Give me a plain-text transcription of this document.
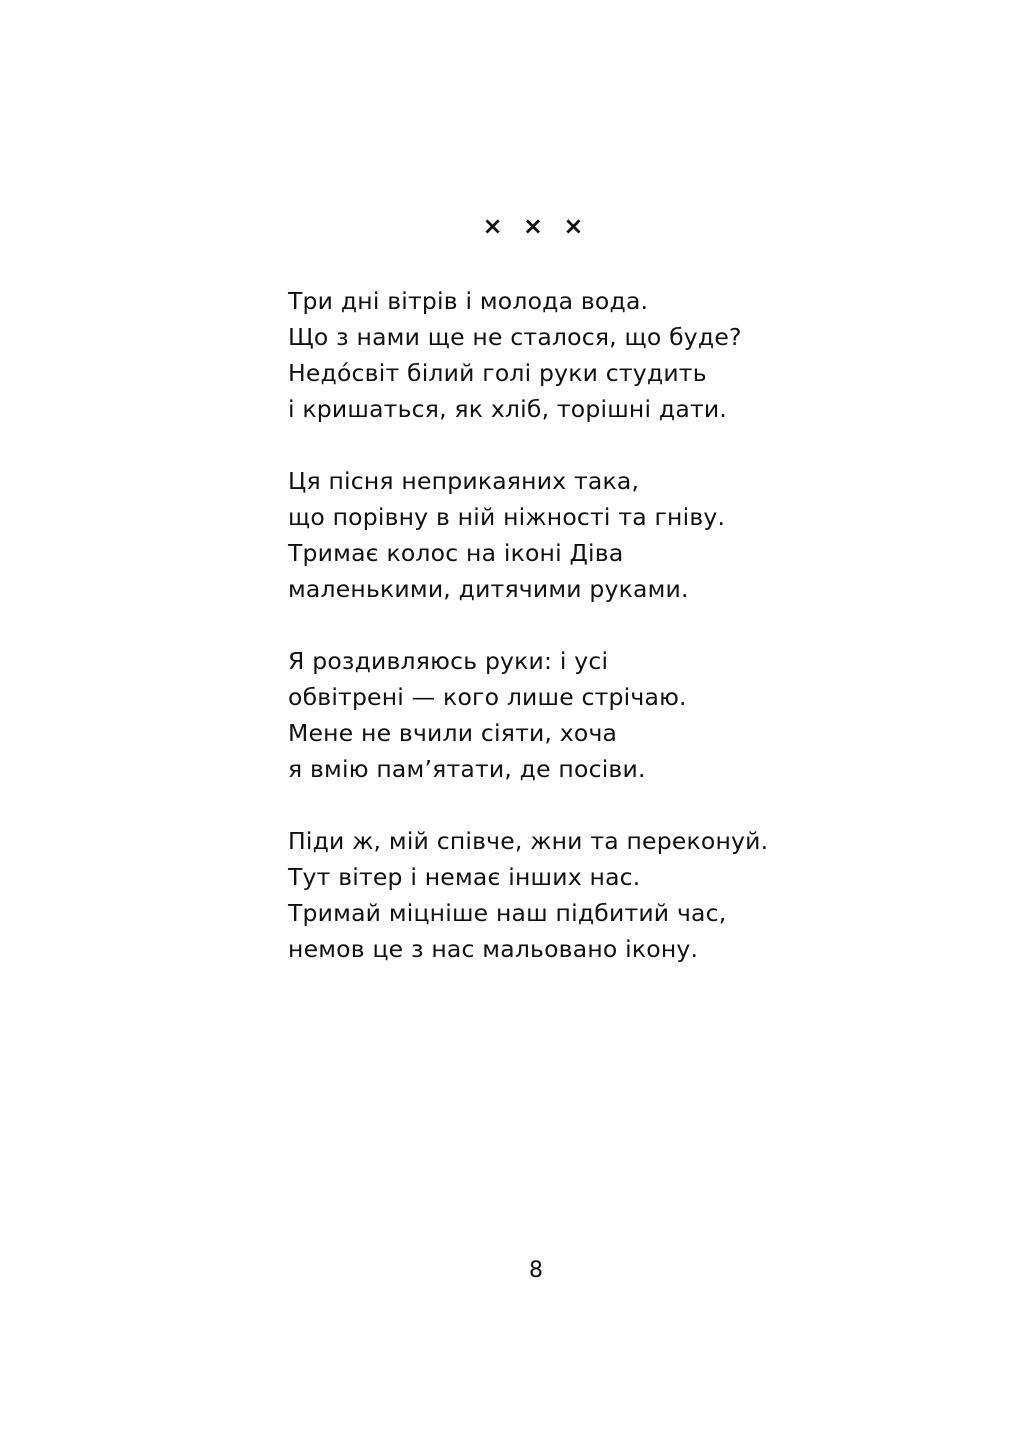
× × ×
Три дні вітрів і молода вода.
Що з нами ще не сталося, що буде?
Недóсвіт білий голі руки студить
і кришаться, як хліб, торішні дати.
Ця пісня неприкаяних така,
що порівну в ній ніжності та гніву.
Тримає колос на іконі Діва
маленькими, дитячими руками.
Я роздивляюсь руки: і усі
обвітрені — кого лише стрічаю.
Мене не вчили сіяти, хоча
я вмію пам’ятати, де посіви.
Піди ж, мій співче, жни та переконуй.
Тут вітер і немає інших нас.
Тримай міцніше наш підбитий час,
немов це з нас мальовано ікону.
8
